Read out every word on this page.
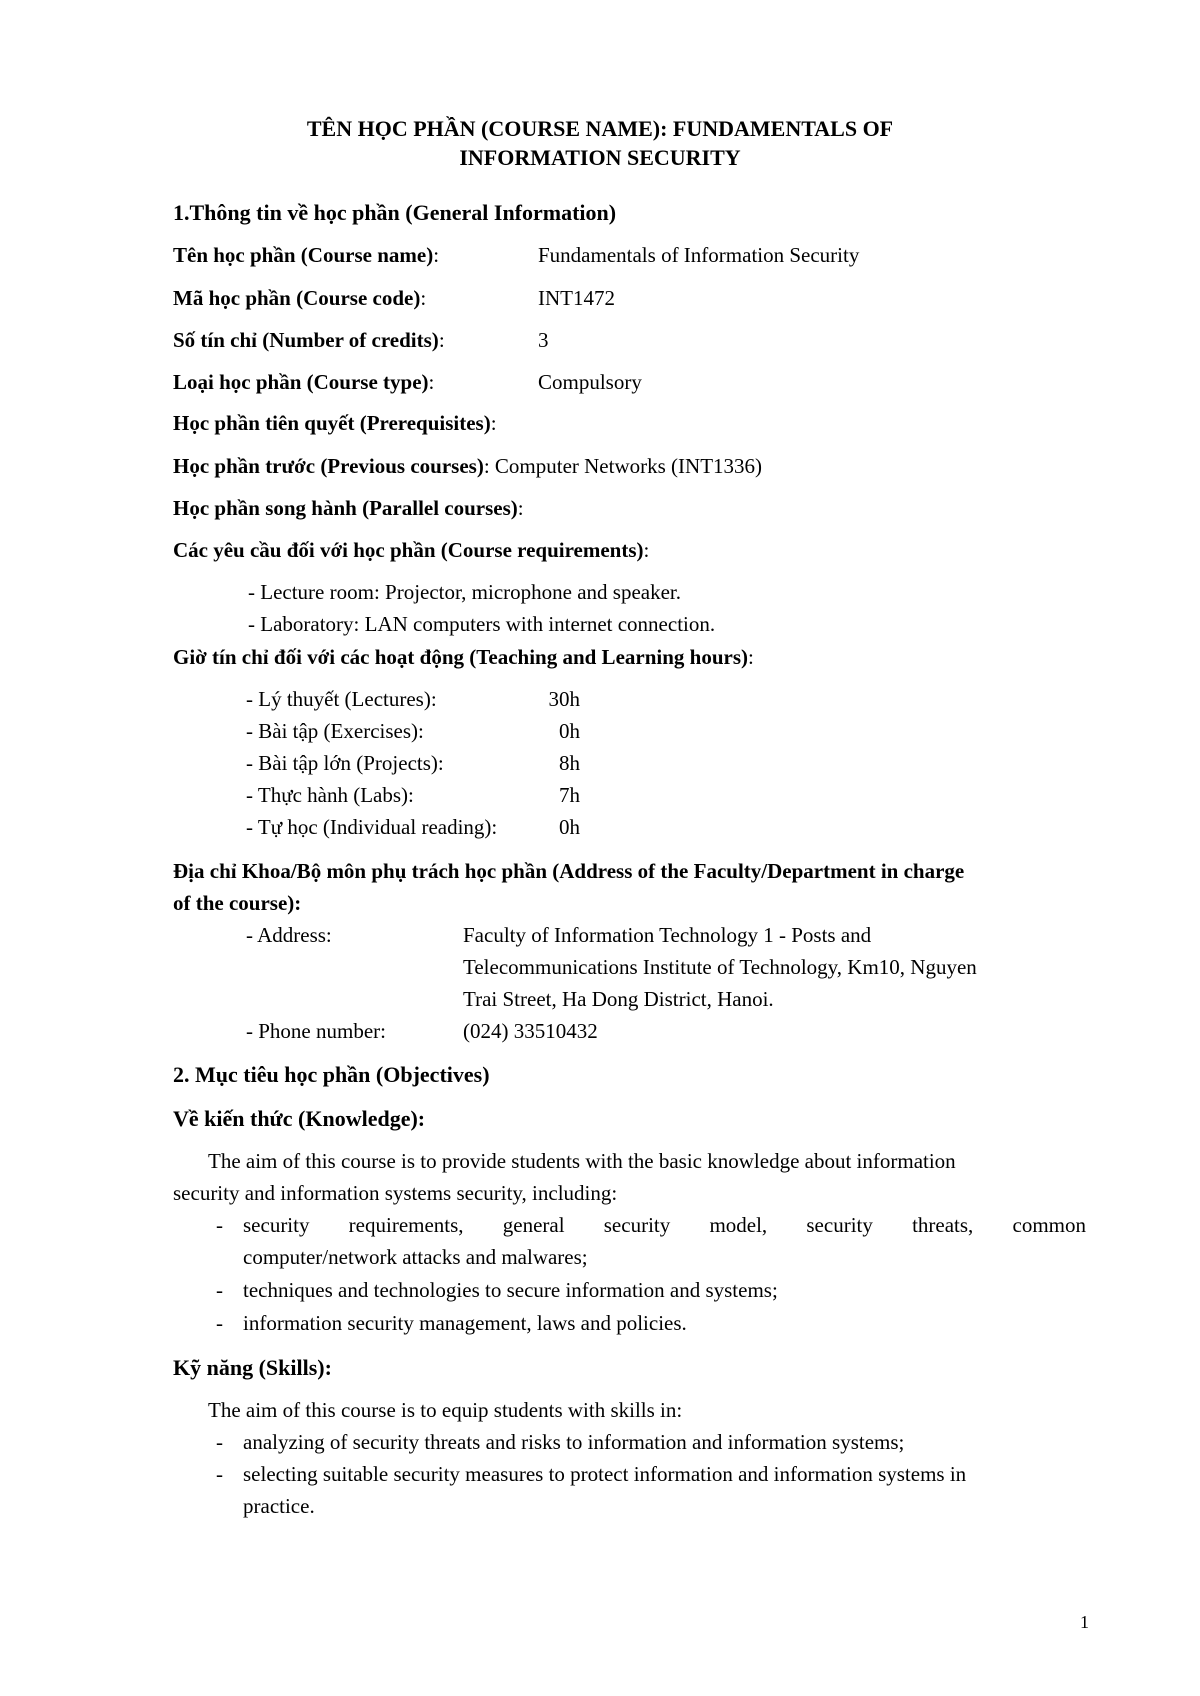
TÊN HỌC PHẦN (COURSE NAME): FUNDAMENTALS OF
INFORMATION SECURITY
1.Thông tin về học phần (General Information)
Tên học phần (Course name):	Fundamentals of Information Security
Mã học phần (Course code):	INT1472
Số tín chỉ (Number of credits):	3
Loại học phần (Course type):	Compulsory
Học phần tiên quyết (Prerequisites):
Học phần trước (Previous courses): Computer Networks (INT1336)
Học phần song hành (Parallel courses):
Các yêu cầu đối với học phần (Course requirements):
- Lecture room: Projector, microphone and speaker.
- Laboratory: LAN computers with internet connection.
Giờ tín chỉ đối với các hoạt động (Teaching and Learning hours):
- Lý thuyết (Lectures):	30h
- Bài tập (Exercises):	0h
- Bài tập lớn (Projects):	8h
- Thực hành (Labs):	7h
- Tự học (Individual reading):	0h
Địa chỉ Khoa/Bộ môn phụ trách học phần (Address of the Faculty/Department in charge
of the course):
- Address:	Faculty of Information Technology 1 - Posts and
Telecommunications Institute of Technology, Km10, Nguyen
Trai Street, Ha Dong District, Hanoi.
- Phone number:	(024) 33510432
2. Mục tiêu học phần (Objectives)
Về kiến thức (Knowledge):
The aim of this course is to provide students with the basic knowledge about information
security and information systems security, including:
- security requirements, general security model, security threats, common
computer/network attacks and malwares;
- techniques and technologies to secure information and systems;
- information security management, laws and policies.
Kỹ năng (Skills):
The aim of this course is to equip students with skills in:
- analyzing of security threats and risks to information and information systems;
- selecting suitable security measures to protect information and information systems in
practice.
1
